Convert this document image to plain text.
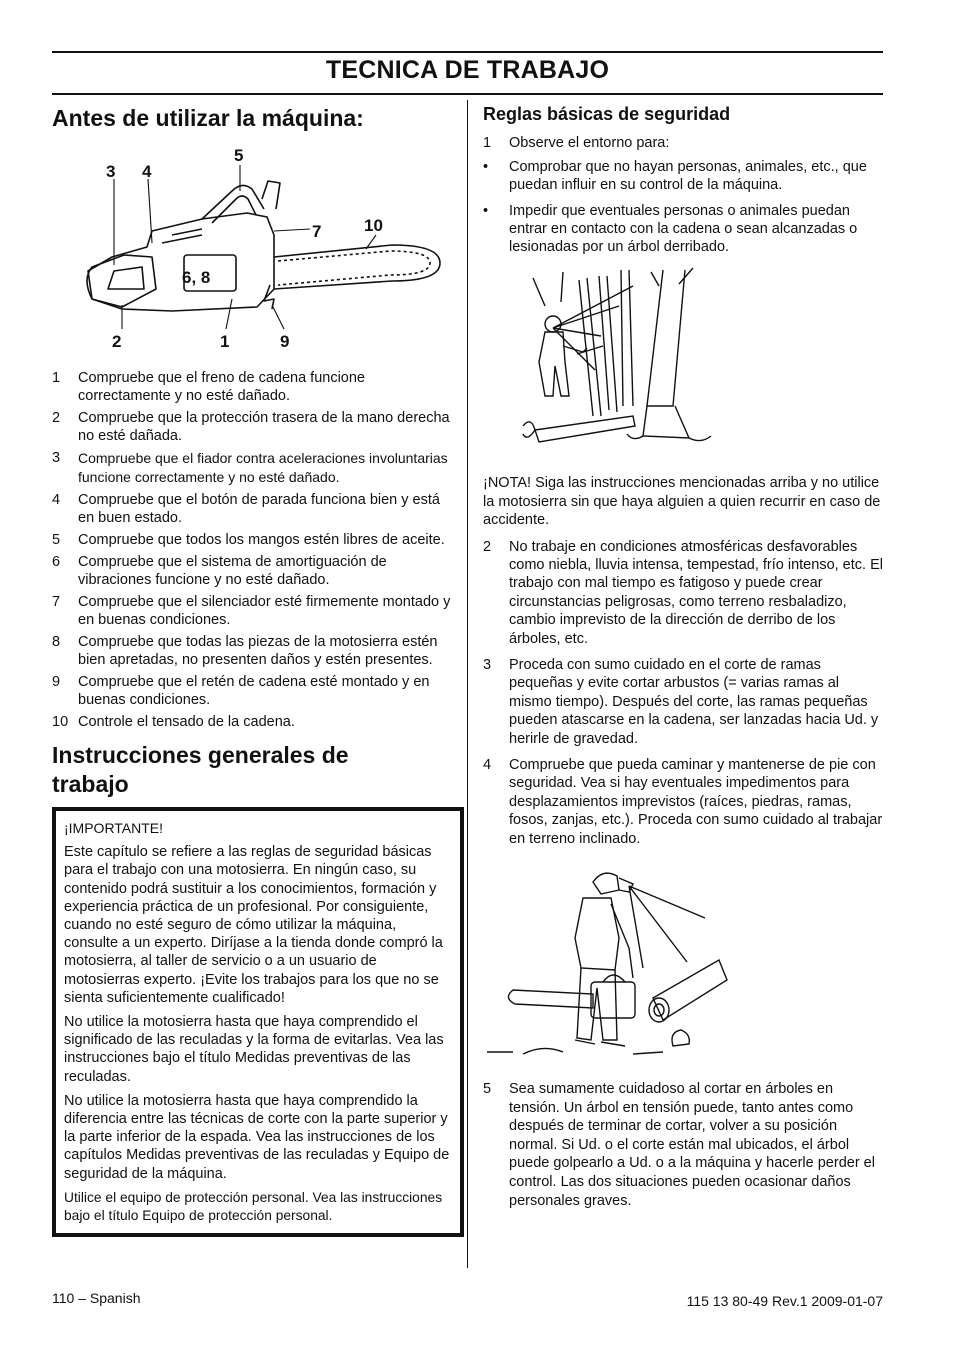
TECNICA DE TRABAJO
Antes de utilizar la máquina:
3 4
5
7	10
6, 8
2	1	9
1 Compruebe que el freno de cadena funcione correctamente y no esté dañado.
2 Compruebe que la protección trasera de la mano derecha no esté dañada.
3 Compruebe que el fiador contra aceleraciones involuntarias funcione correctamente y no esté dañado.
4 Compruebe que el botón de parada funciona bien y está en buen estado.
5 Compruebe que todos los mangos estén libres de aceite.
6 Compruebe que el sistema de amortiguación de vibraciones funcione y no esté dañado.
7 Compruebe que el silenciador esté firmemente montado y en buenas condiciones.
8 Compruebe que todas las piezas de la motosierra estén bien apretadas, no presenten daños y estén presentes.
9 Compruebe que el retén de cadena esté montado y en buenas condiciones.
10 Controle el tensado de la cadena.
Instrucciones generales de trabajo

¡IMPORTANTE!

Este capítulo se refiere a las reglas de seguridad básicas para el trabajo con una motosierra. En ningún caso, su contenido podrá sustituir a los conocimientos, formación y experiencia práctica de un profesional. Por consiguiente, cuando no esté seguro de cómo utilizar la máquina, consulte a un experto. Diríjase a la tienda donde compró la motosierra, al taller de servicio o a un usuario de motosierras experto. ¡Evite los trabajos para los que no se sienta suficientemente cualificado!

No utilice la motosierra hasta que haya comprendido el significado de las reculadas y la forma de evitarlas. Vea las instrucciones bajo el título Medidas preventivas de las reculadas.

No utilice la motosierra hasta que haya comprendido la diferencia entre las técnicas de corte con la parte superior y la parte inferior de la espada. Vea las instrucciones de los capítulos Medidas preventivas de las reculadas y Equipo de seguridad de la máquina.

Utilice el equipo de protección personal. Vea las instrucciones bajo el título Equipo de protección personal.

Reglas básicas de seguridad
1 Observe el entorno para:
• Comprobar que no hayan personas, animales, etc., que puedan influir en su control de la máquina.
• Impedir que eventuales personas o animales puedan entrar en contacto con la cadena o sean alcanzadas o lesionadas por un árbol derribado.

¡NOTA! Siga las instrucciones mencionadas arriba y no utilice la motosierra sin que haya alguien a quien recurrir en caso de accidente.

2 No trabaje en condiciones atmosféricas desfavorables como niebla, lluvia intensa, tempestad, frío intenso, etc. El trabajo con mal tiempo es fatigoso y puede crear circunstancias peligrosas, como terreno resbaladizo, cambio imprevisto de la dirección de derribo de los árboles, etc.
3 Proceda con sumo cuidado en el corte de ramas pequeñas y evite cortar arbustos (= varias ramas al mismo tiempo). Después del corte, las ramas pequeñas pueden atascarse en la cadena, ser lanzadas hacia Ud. y herirle de gravedad.
4 Compruebe que pueda caminar y mantenerse de pie con seguridad. Vea si hay eventuales impedimentos para desplazamientos imprevistos (raíces, piedras, ramas, fosos, zanjas, etc.). Proceda con sumo cuidado al trabajar en terreno inclinado.
5 Sea sumamente cuidadoso al cortar en árboles en tensión. Un árbol en tensión puede, tanto antes como después de terminar de cortar, volver a su posición normal. Si Ud. o el corte están mal ubicados, el árbol puede golpearlo a Ud. o a la máquina y hacerle perder el control. Las dos situaciones pueden ocasionar daños personales graves.
110 – Spanish	115 13 80-49 Rev.1 2009-01-07
